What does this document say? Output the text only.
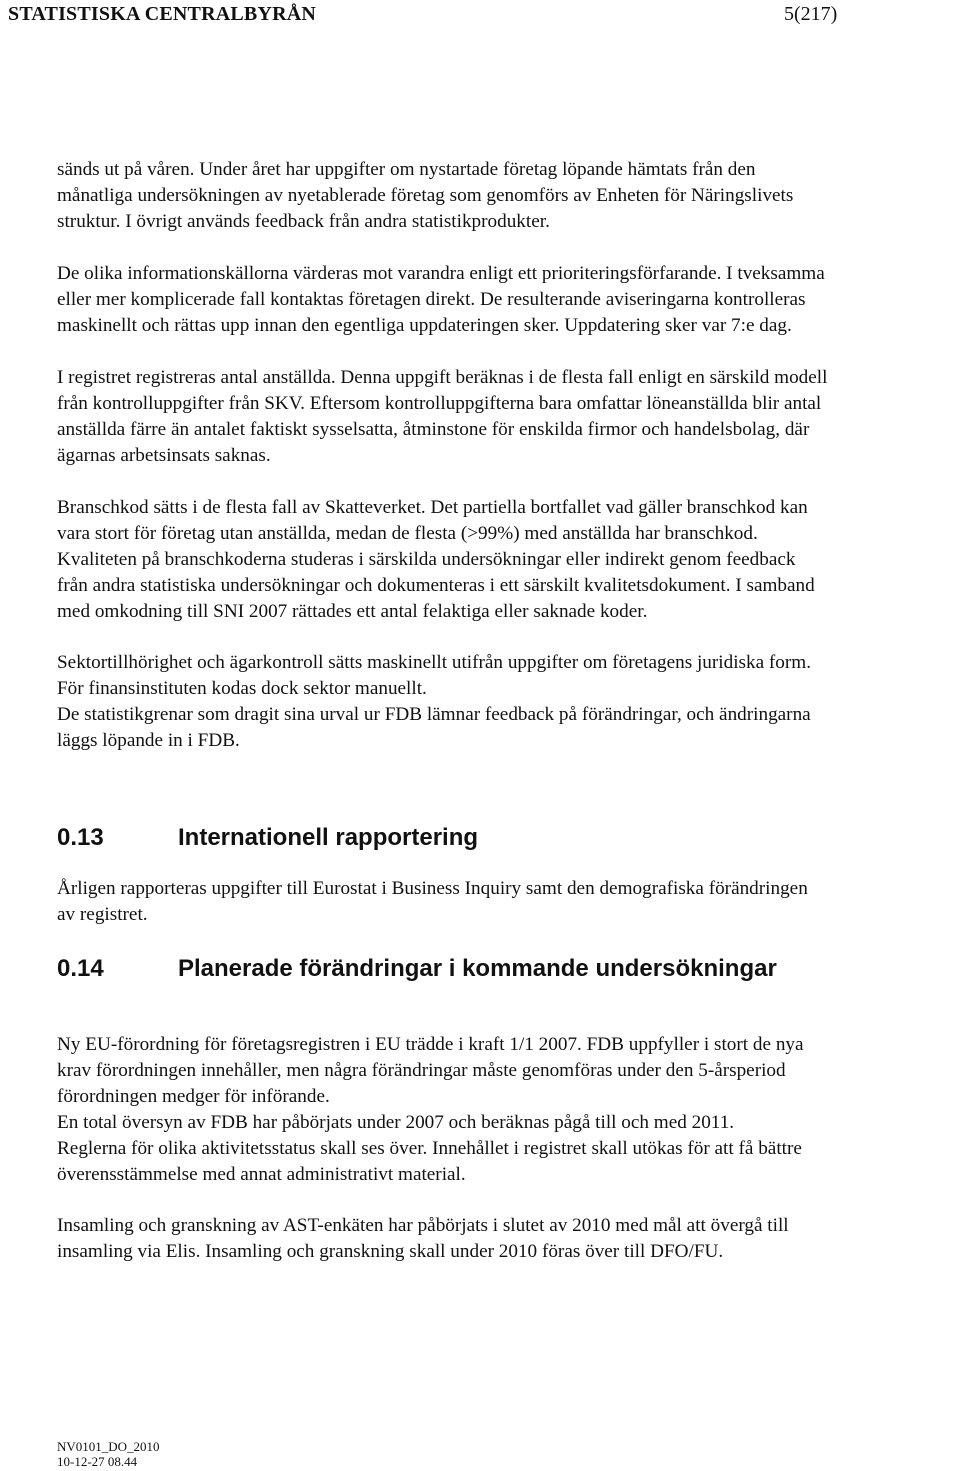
STATISTISKA CENTRALBYRÅN	5(217)
sänds ut på våren. Under året har uppgifter om nystartade företag löpande hämtats från den
månatliga undersökningen av nyetablerade företag som genomförs av Enheten för Näringslivets
struktur. I övrigt används feedback från andra statistikprodukter.
De olika informationskällorna värderas mot varandra enligt ett prioriteringsförfarande. I tveksamma
eller mer komplicerade fall kontaktas företagen direkt. De resulterande aviseringarna kontrolleras
maskinellt och rättas upp innan den egentliga uppdateringen sker. Uppdatering sker var 7:e dag.
I registret registreras antal anställda. Denna uppgift beräknas i de flesta fall enligt en särskild modell
från kontrolluppgifter från SKV. Eftersom kontrolluppgifterna bara omfattar löneanställda blir antal
anställda färre än antalet faktiskt sysselsatta, åtminstone för enskilda firmor och handelsbolag, där
ägarnas arbetsinsats saknas.
Branschkod sätts i de flesta fall av Skatteverket. Det partiella bortfallet vad gäller branschkod kan
vara stort för företag utan anställda, medan de flesta (>99%) med anställda har branschkod.
Kvaliteten på branschkoderna studeras i särskilda undersökningar eller indirekt genom feedback
från andra statistiska undersökningar och dokumenteras i ett särskilt kvalitetsdokument. I samband
med omkodning till SNI 2007 rättades ett antal felaktiga eller saknade koder.
Sektortillhörighet och ägarkontroll sätts maskinellt utifrån uppgifter om företagens juridiska form.
För finansinstituten kodas dock sektor manuellt.
De statistikgrenar som dragit sina urval ur FDB lämnar feedback på förändringar, och ändringarna
läggs löpande in i FDB.
0.13	Internationell rapportering
Årligen rapporteras uppgifter till Eurostat i Business Inquiry samt den demografiska förändringen
av registret.
0.14	Planerade förändringar i kommande undersökningar
Ny EU-förordning för företagsregistren i EU trädde i kraft 1/1 2007. FDB uppfyller i stort de nya
krav förordningen innehåller, men några förändringar måste genomföras under den 5-årsperiod
förordningen medger för införande.
En total översyn av FDB har påbörjats under 2007 och beräknas pågå till och med 2011.
Reglerna för olika aktivitetsstatus skall ses över. Innehållet i registret skall utökas för att få bättre
överensstämmelse med annat administrativt material.
Insamling och granskning av AST-enkäten har påbörjats i slutet av 2010 med mål att övergå till
insamling via Elis. Insamling och granskning skall under 2010 föras över till DFO/FU.
NV0101_DO_2010
10-12-27 08.44
